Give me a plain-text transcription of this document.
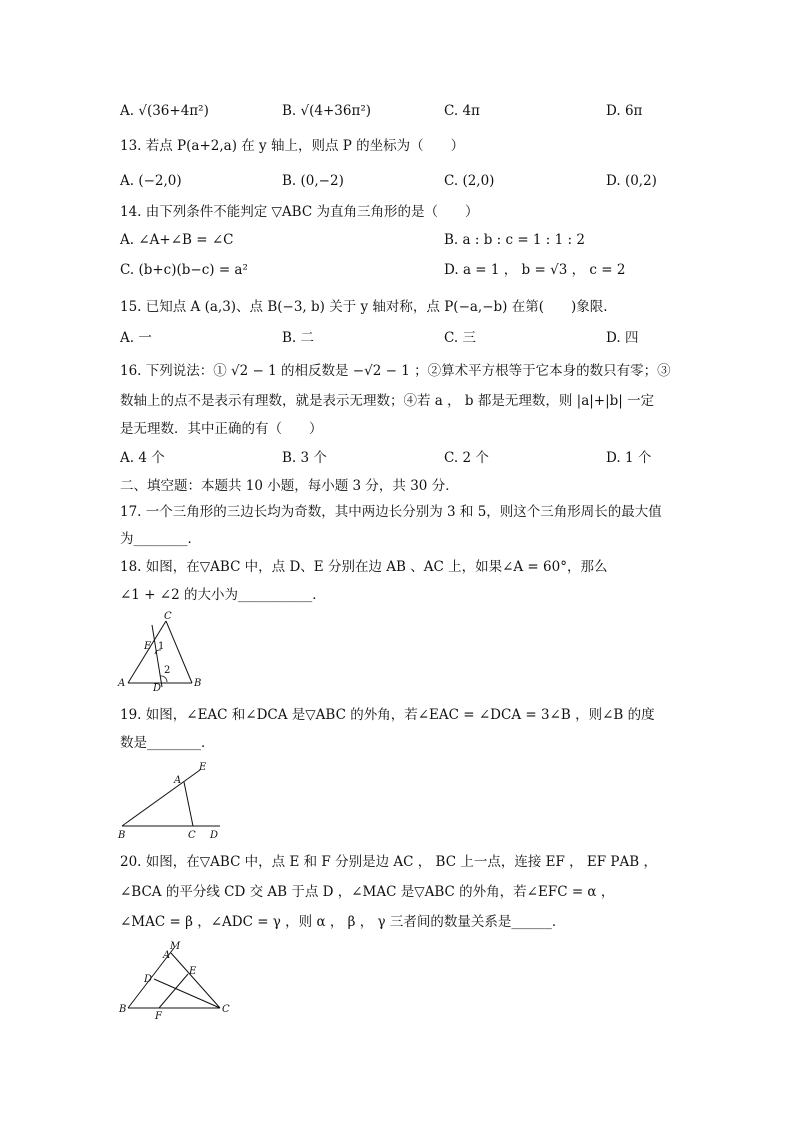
A. √(36+4π²)	B. √(4+36π²)	C. 4π	D. 6π
13. 若点 P(a+2,a) 在 y 轴上，则点 P 的坐标为（　　）
A. (−2,0)	B. (0,−2)	C. (2,0)	D. (0,2)
14. 由下列条件不能判定 ▽ABC 为直角三角形的是（　　）
A. ∠A+∠B = ∠C	B. a : b : c = 1 : 1 : 2
C. (b+c)(b−c) = a²	D. a = 1 ， b = √3 ， c = 2
15. 已知点 A (a,3)、点 B(−3, b) 关于 y 轴对称，点 P(−a,−b) 在第(　　)象限.
A. 一	B. 二	C. 三	D. 四
16. 下列说法：① √2 − 1 的相反数是 −√2 − 1 ；②算术平方根等于它本身的数只有零；③
数轴上的点不是表示有理数，就是表示无理数；④若 a ， b 都是无理数，则 |a|+|b| 一定
是无理数．其中正确的有（　　）
A. 4 个	B. 3 个	C. 2 个	D. 1 个
二、填空题：本题共 10 小题，每小题 3 分，共 30 分．
17. 一个三角形的三边长均为奇数，其中两边长分别为 3 和 5，则这个三角形周长的最大值
为________．
18. 如图，在▽ABC 中，点 D、E 分别在边 AB 、AC 上，如果∠A = 60°，那么
∠1 + ∠2 的大小为___________．
C
E 1
2
A	D	B
19. 如图，∠EAC 和∠DCA 是▽ABC 的外角，若∠EAC = ∠DCA = 3∠B ，则∠B 的度
数是________．
E
A
B	C D
20. 如图，在▽ABC 中，点 E 和 F 分别是边 AC ， BC 上一点，连接 EF ， EF ΡAB ，
∠BCA 的平分线 CD 交 AB 于点 D ，∠MAC 是▽ABC 的外角，若∠EFC = α ，
∠MAC = β ，∠ADC = γ ，则 α ， β ， γ 三者间的数量关系是______．
M
A
E
D
B
F
C
